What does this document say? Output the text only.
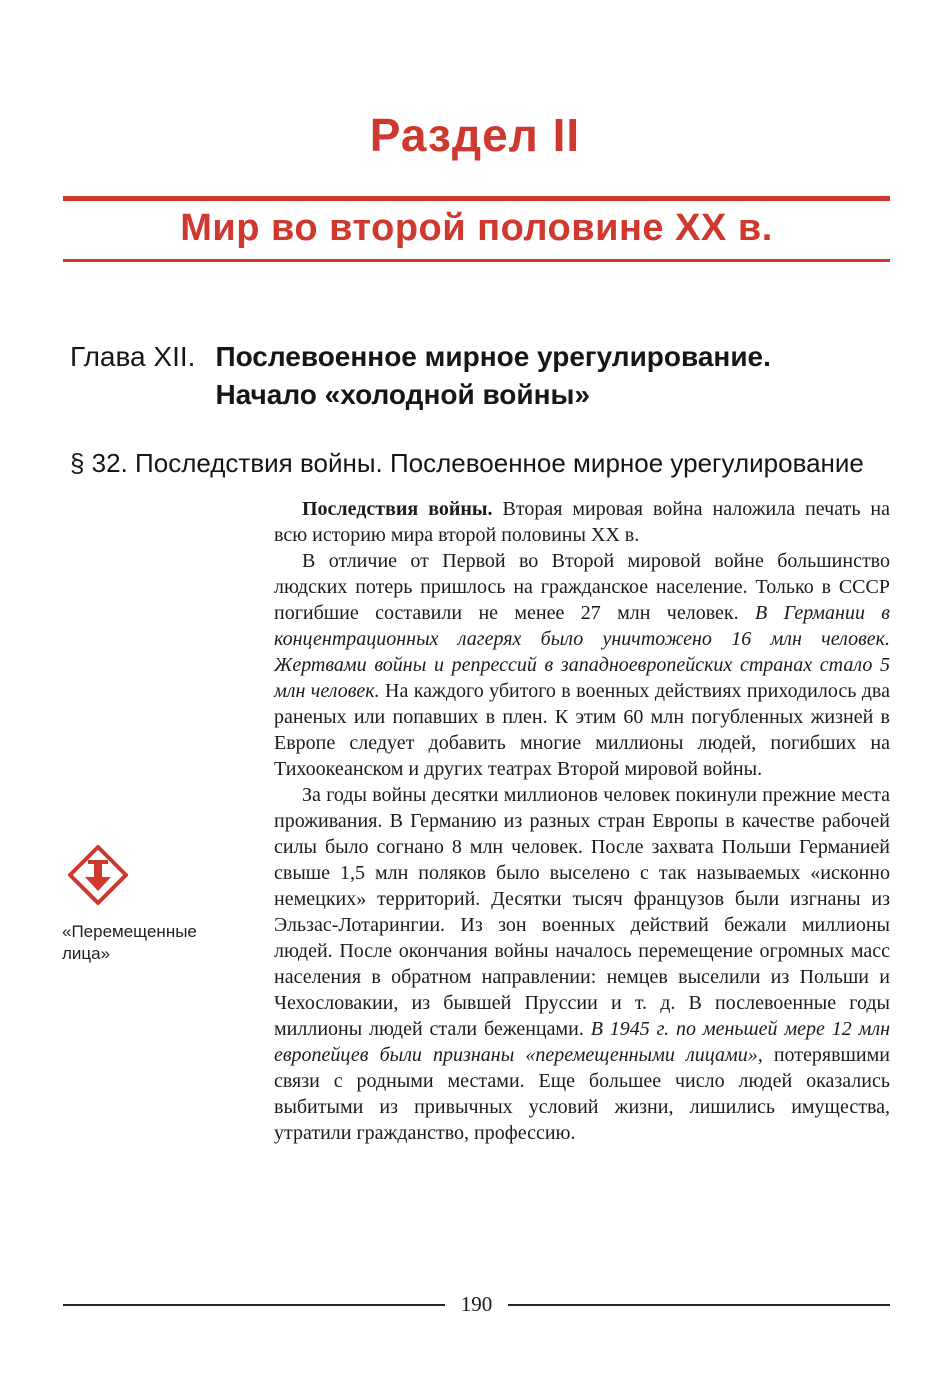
Раздел II
Мир во второй половине XX в.
Глава XII. Послевоенное мирное урегулирование.
Начало «холодной войны»
§ 32. Последствия войны. Послевоенное мирное урегулирование

Последствия войны. Вторая мировая война наложила печать на всю историю мира второй половины XX в.

В отличие от Первой во Второй мировой войне большинство людских потерь пришлось на гражданское население. Только в СССР погибшие составили не менее 27 млн человек. В Германии в концентрационных лагерях было уничтожено 16 млн человек. Жертвами войны и репрессий в западноевропейских странах стало 5 млн человек. На каждого убитого в военных действиях приходилось два раненых или попавших в плен. К этим 60 млн погубленных жизней в Европе следует добавить многие миллионы людей, погибших на Тихоокеанском и других театрах Второй мировой войны.

За годы войны десятки миллионов человек покинули прежние места проживания. В Германию из разных стран Европы в качестве рабочей силы было согнано 8 млн человек. После захвата Польши Германией свыше 1,5 млн поляков было выселено с так называемых «исконно немецких» территорий. Десятки тысяч французов были изгнаны из Эльзас-Лотарингии. Из зон военных действий бежали миллионы людей. После окончания войны началось перемещение огромных масс населения в обратном направлении: немцев выселили из Польши и Чехословакии, из бывшей Пруссии и т. д. В послевоенные годы миллионы людей стали беженцами. В 1945 г. по меньшей мере 12 млн европейцев были признаны «перемещенными лицами», потерявшими связи с родными местами. Еще большее число людей оказались выбитыми из привычных условий жизни, лишились имущества, утратили гражданство, профессию.

«Перемещенные лица»
190
